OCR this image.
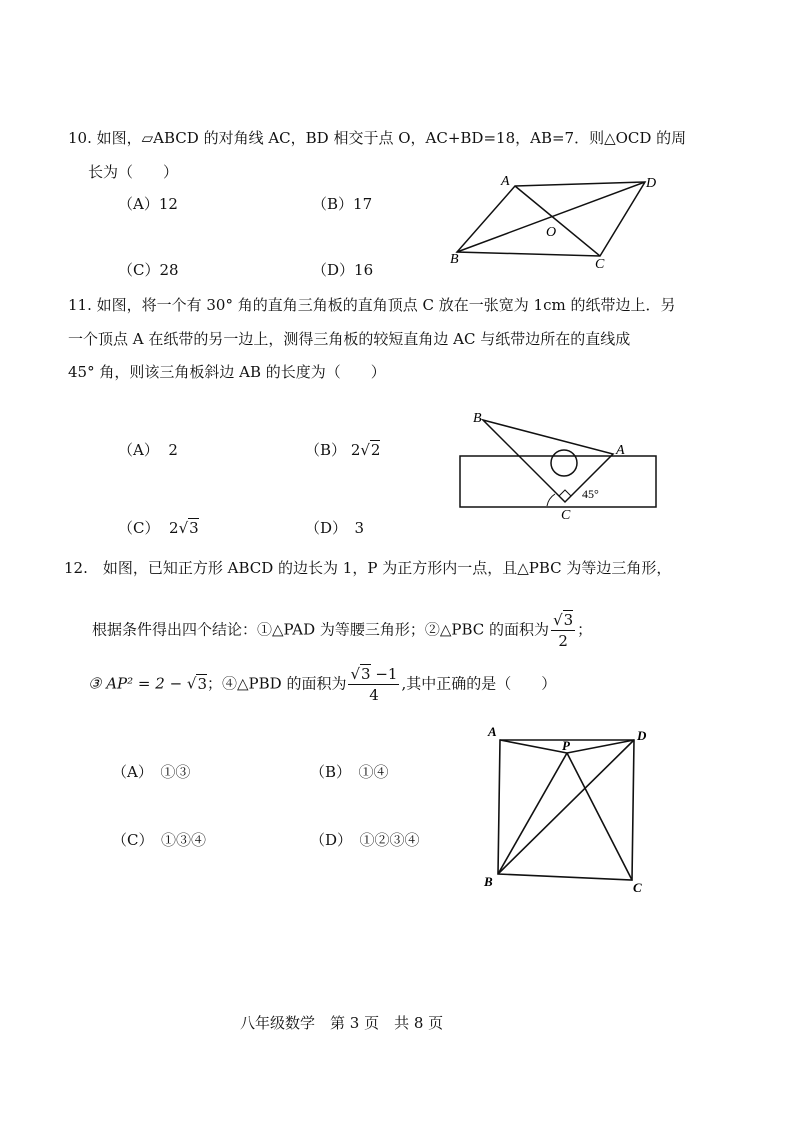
10. 如图，▱ABCD 的对角线 AC，BD 相交于点 O，AC+BD=18，AB=7．则△OCD 的周
长为（　　）
（A）12	（B）17
（C）28	（D）16
A	D
B	C
O
11. 如图，将一个有 30° 角的直角三角板的直角顶点 C 放在一张宽为 1cm 的纸带边上．另
一个顶点 A 在纸带的另一边上，测得三角板的较短直角边 AC 与纸带边所在的直线成
45° 角，则该三角板斜边 AB 的长度为（　　）
（A） 2	（B） 2√2
（C） 2√3	（D）　3
B
A
C
45°
12.　如图，已知正方形 ABCD 的边长为 1，P 为正方形内一点，且△PBC 为等边三角形，
根据条件得出四个结论：①△PAD 为等腰三角形；②△PBC 的面积为 $\frac{√3}{2}$ ；
③ AP² = 2 − √3；④△PBD 的面积为 $\frac{√3 -1}{4}$ ,其中正确的是（　　）
（A）　①③	（B）　①④
（C）　①③④	（D）　①②③④
A	D
P
B	C
八年级数学　第 3 页　共 8 页
